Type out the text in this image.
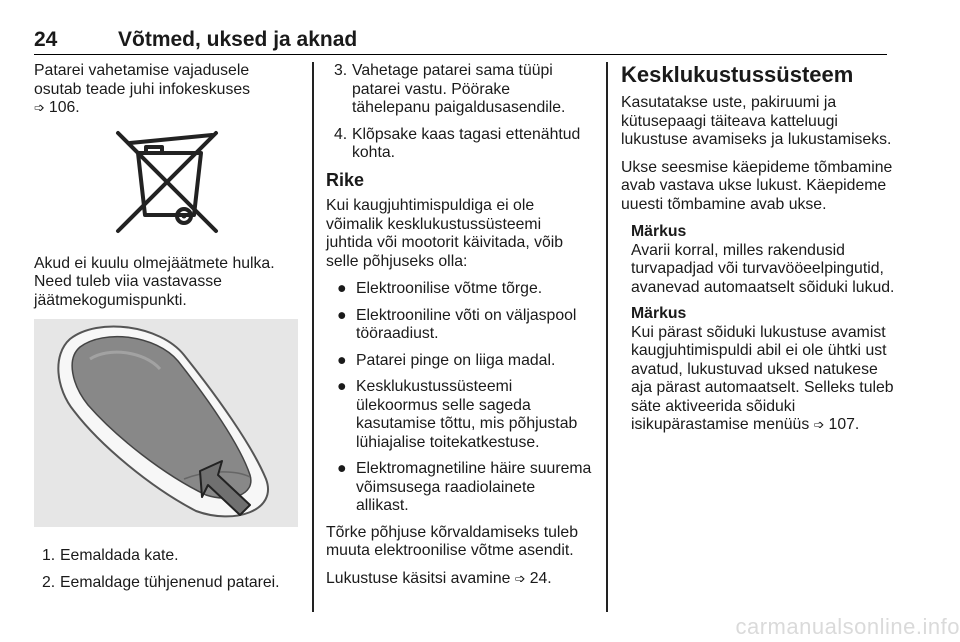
24	Võtmed, uksed ja aknad

Patarei vahetamise vajadusele osutab teade juhi infokeskuses
➩ 106.

Akud ei kuulu olmejäätmete hulka. Need tuleb viia vastavasse jäätmekogumispunkti.

1. Eemaldada kate.
2. Eemaldage tühjenenud patarei.
3. Vahetage patarei sama tüüpi patarei vastu. Pöörake tähelepanu paigaldusasendile.
4. Klõpsake kaas tagasi ettenähtud kohta.
Rike

Kui kaugjuhtimispuldiga ei ole võimalik kesklukustussüsteemi juhtida või mootorit käivitada, võib selle põhjuseks olla:

● Elektroonilise võtme tõrge.
● Elektrooniline võti on väljaspool tööraadiust.
● Patarei pinge on liiga madal.
● Kesklukustussüsteemi ülekoormus selle sageda kasutamise tõttu, mis põhjustab lühiajalise toitekatkestuse.
● Elektromagnetiline häire suurema võimsusega raadiolainete allikast.

Tõrke põhjuse kõrvaldamiseks tuleb muuta elektroonilise võtme asendit.

Lukustuse käsitsi avamine ➩ 24.

Kesklukustussüsteem

Kasutatakse uste, pakiruumi ja kütusepaagi täiteava katteluugi lukustuse avamiseks ja lukustamiseks.

Ukse seesmise käepideme tõmbamine avab vastava ukse lukust. Käepideme uuesti tõmbamine avab ukse.

Märkus
Avarii korral, milles rakendusid turvapadjad või turvavööeelpingutid, avanevad automaatselt sõiduki lukud.
Märkus
Kui pärast sõiduki lukustuse avamist kaugjuhtimispuldi abil ei ole ühtki ust avatud, lukustuvad uksed natukese aja pärast automaatselt. Selleks tuleb säte aktiveerida sõiduki isikupärastamise menüüs ➩ 107.
carmanualsonline.info
